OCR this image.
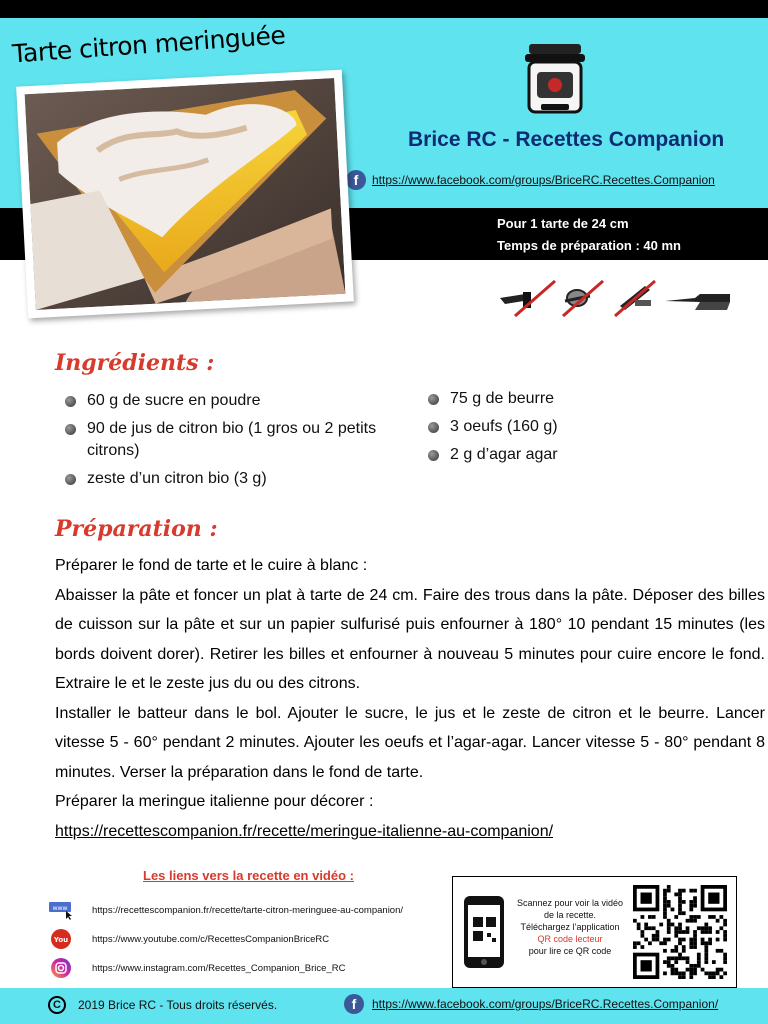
Tarte citron meringuée
Brice RC - Recettes Companion
f	https://www.facebook.com/groups/BriceRC.Recettes.Companion
Pour 1 tarte de 24 cm
Temps de préparation : 40 mn
Ingrédients :
60 g de sucre en poudre
90 de jus de citron bio (1 gros ou 2 petits citrons)
zeste d’un citron bio (3 g)
75 g de beurre
3 oeufs (160 g)
2 g d’agar agar
Préparation :

Préparer le fond de tarte et le cuire à blanc :

Abaisser la pâte et foncer un plat à tarte de 24 cm. Faire des trous dans la pâte. Déposer des billes de cuisson sur la pâte et sur un papier sulfurisé puis enfourner à 180° 10 pendant 15 minutes (les bords doivent dorer). Retirer les billes et enfourner à nouveau 5 minutes pour cuire encore le fond. Extraire le et le zeste jus du ou des citrons.

Installer le batteur dans le bol. Ajouter le sucre, le jus et le zeste de citron et le beurre. Lancer vitesse 5 - 60° pendant 2 minutes. Ajouter les oeufs et l’agar-agar. Lancer vitesse 5 - 80° pendant 8 minutes. Verser la préparation dans le fond de tarte.

Préparer la meringue italienne pour décorer :

https://recettescompanion.fr/recette/meringue-italienne-au-companion/

Les liens vers la recette en vidéo :
www	https://recettescompanion.fr/recette/tarte-citron-meringuee-au-companion/
You	https://www.youtube.com/c/RecettesCompanionBriceRC
https://www.instagram.com/Recettes_Companion_Brice_RC
Scannez pour voir la vidéo de la recette.
Téléchargez l’application
QR code lecteur
pour lire ce QR code
C	2019 Brice RC - Tous droits réservés.	f	https://www.facebook.com/groups/BriceRC.Recettes.Companion/
